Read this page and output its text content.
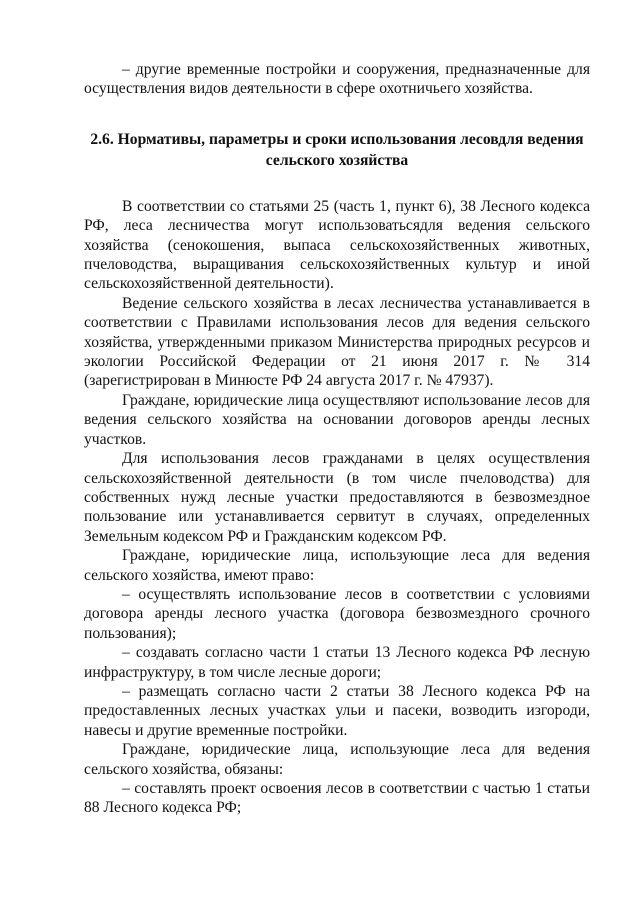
– другие временные постройки и сооружения, предназначенные для осуществления видов деятельности в сфере охотничьего хозяйства.

2.6. Нормативы, параметры и сроки использования лесовдля ведения сельского хозяйства

В соответствии со статьями 25 (часть 1, пункт 6), 38 Лесного кодекса РФ, леса лесничества могут использоватьсядля ведения сельского хозяйства (сенокошения, выпаса сельскохозяйственных животных, пчеловодства, выращивания сельскохозяйственных культур и иной сельскохозяйственной деятельности).

Ведение сельского хозяйства в лесах лесничества устанавливается в соответствии с Правилами использования лесов для ведения сельского хозяйства, утвержденными приказом Министерства природных ресурсов и экологии Российской Федерации от 21 июня 2017 г. № 314 (зарегистрирован в Минюсте РФ 24 августа 2017 г. № 47937).

Граждане, юридические лица осуществляют использование лесов для ведения сельского хозяйства на основании договоров аренды лесных участков.

Для использования лесов гражданами в целях осуществления сельскохозяйственной деятельности (в том числе пчеловодства) для собственных нужд лесные участки предоставляются в безвозмездное пользование или устанавливается сервитут в случаях, определенных Земельным кодексом РФ и Гражданским кодексом РФ.

Граждане, юридические лица, использующие леса для ведения сельского хозяйства, имеют право:

– осуществлять использование лесов в соответствии с условиями договора аренды лесного участка (договора безвозмездного срочного пользования);

– создавать согласно части 1 статьи 13 Лесного кодекса РФ лесную инфраструктуру, в том числе лесные дороги;

– размещать согласно части 2 статьи 38 Лесного кодекса РФ на предоставленных лесных участках ульи и пасеки, возводить изгороди, навесы и другие временные постройки.

Граждане, юридические лица, использующие леса для ведения сельского хозяйства, обязаны:

– составлять проект освоения лесов в соответствии с частью 1 статьи 88 Лесного кодекса РФ;
